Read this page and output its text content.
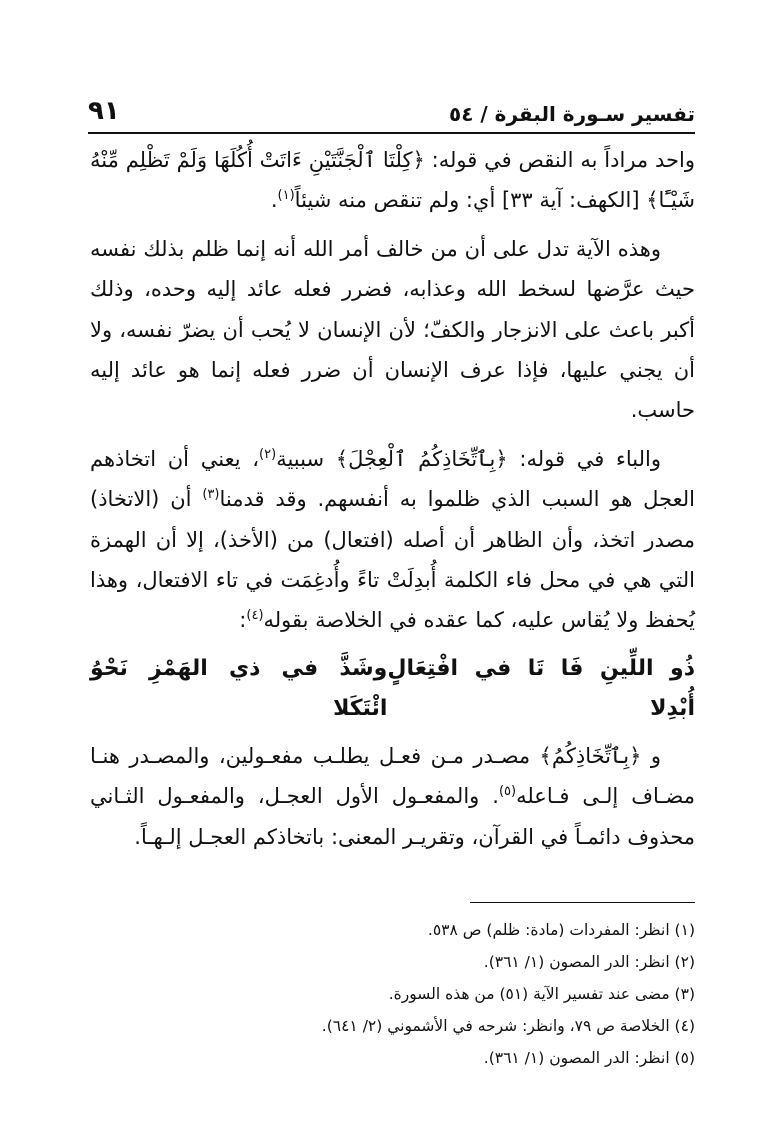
٩١	تفسير سـورة البقرة / ٥٤

واحد مراداً به النقص في قوله: ﴿كِلْتَا ٱلْجَنَّتَيْنِ ءَاتَتْ أُكُلَهَا وَلَمْ تَظْلِم مِّنْهُ شَيْـًٔا﴾ [الكهف: آية ٣٣] أي: ولم تنقص منه شيئاً$^{(١)}$.

وهذه الآية تدل على أن من خالف أمر الله أنه إنما ظلم بذلك نفسه حيث عرَّضها لسخط الله وعذابه، فضرر فعله عائد إليه وحده، وذلك أكبر باعث على الانزجار والكفّ؛ لأن الإنسان لا يُحب أن يضرّ نفسه، ولا أن يجني عليها، فإذا عرف الإنسان أن ضرر فعله إنما هو عائد إليه حاسب.

والباء في قوله: ﴿بِٱتِّخَاذِكُمُ ٱلْعِجْلَ﴾ سببية$^{(٢)}$، يعني أن اتخاذهم العجل هو السبب الذي ظلموا به أنفسهم. وقد قدمنا$^{(٣)}$ أن (الاتخاذ) مصدر اتخذ، وأن الظاهر أن أصله (افتعال) من (الأخذ)، إلا أن الهمزة التي هي في محل فاء الكلمة أُبدِلَتْ تاءً وأُدغِمَت في تاء الافتعال، وهذا يُحفظ ولا يُقاس عليه، كما عقده في الخلاصة بقوله$^{(٤)}$:

ذُو اللِّينِ فَا تَا في افْتِعَالٍ أُبْدِلا
وشَذَّ في ذي الهَمْزِ نَحْوُ ائْتَكَلا

و ﴿بِٱتِّخَاذِكُمُ﴾ مصـدر مـن فعـل يطلـب مفعـولين، والمصـدر هنـا مضـاف إلـى فـاعله$^{(٥)}$. والمفعـول الأول العجـل، والمفعـول الثـاني محذوف دائمـاً في القرآن، وتقريـر المعنى: باتخاذكم العجـل إلـهـاً.

(١) انظر: المفردات (مادة: ظلم) ص ٥٣٨.
(٢) انظر: الدر المصون (١/ ٣٦١).
(٣) مضى عند تفسير الآية (٥١) من هذه السورة.
(٤) الخلاصة ص ٧٩، وانظر: شرحه في الأشموني (٢/ ٦٤١).
(٥) انظر: الدر المصون (١/ ٣٦١).
